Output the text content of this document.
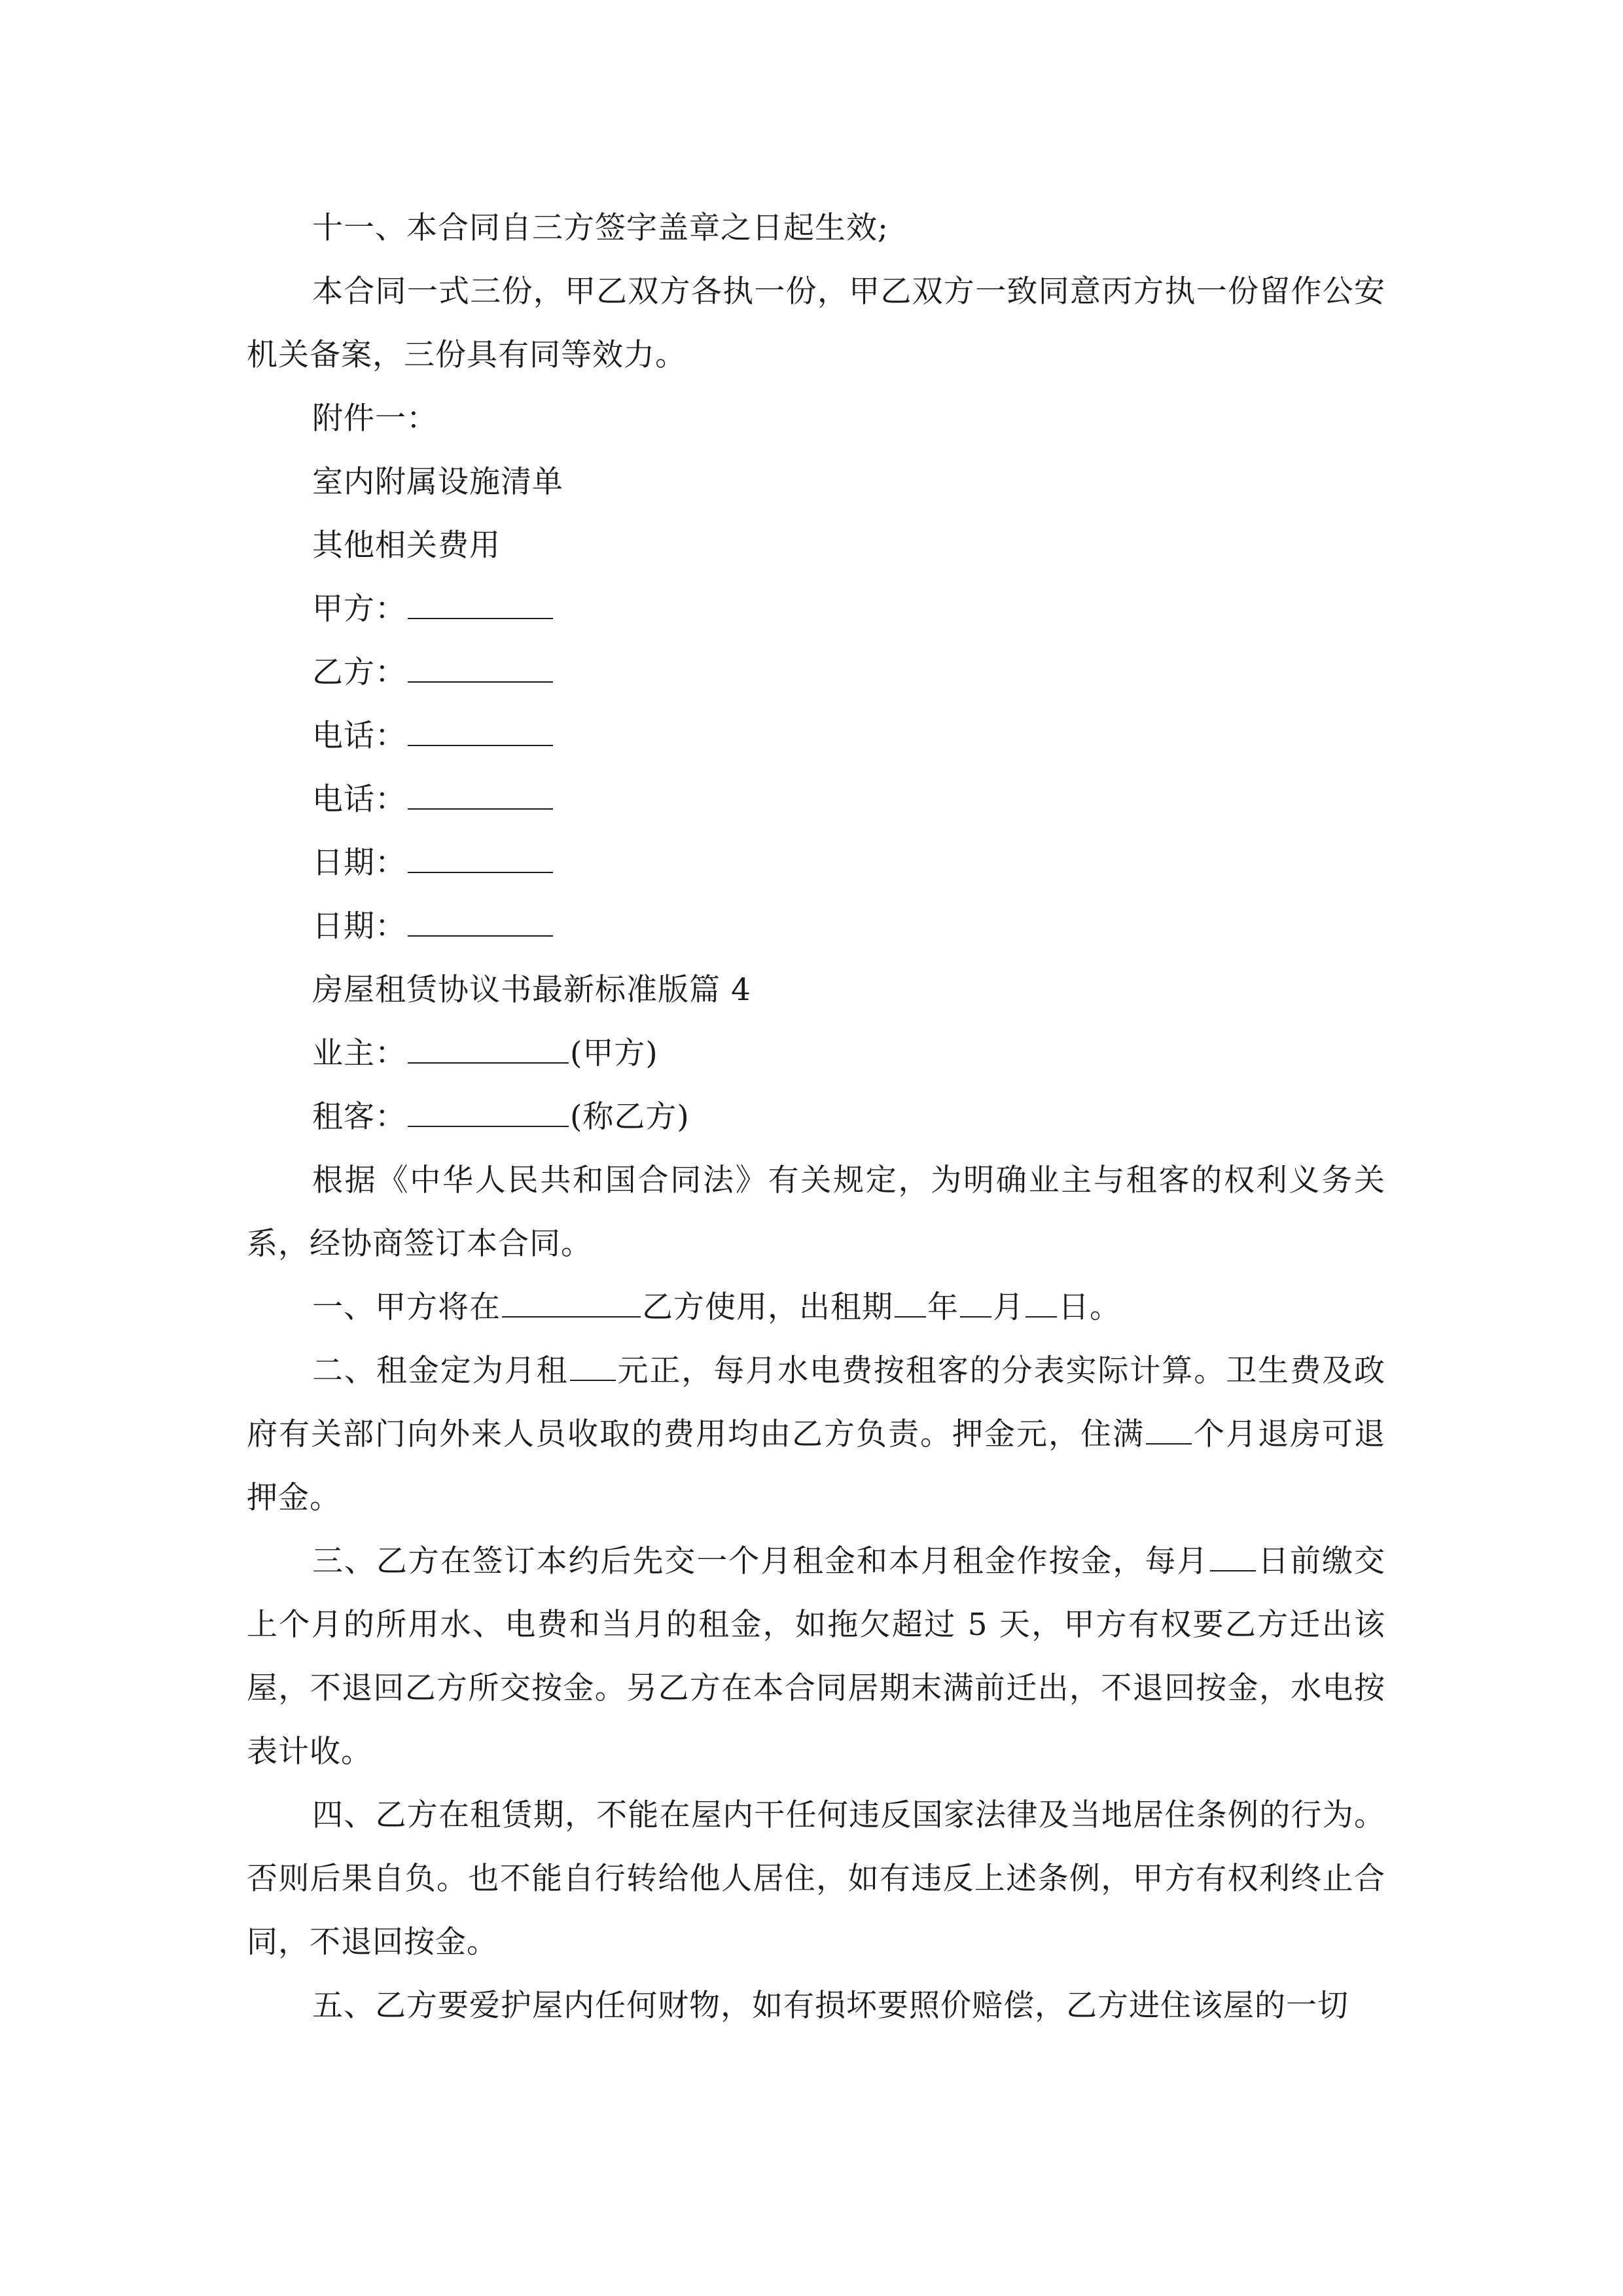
十一、本合同自三方签字盖章之日起生效;

本合同一式三份，甲乙双方各执一份，甲乙双方一致同意丙方执一份留作公安机关备案，三份具有同等效力。

附件一：

室内附属设施清单

其他相关费用

甲方：

乙方：

电话：

电话：

日期：

日期：

房屋租赁协议书最新标准版篇 4

业主：	(甲方)

租客：	(称乙方)

根据《中华人民共和国合同法》有关规定，为明确业主与租客的权利义务关系，经协商签订本合同。

一、甲方将在	乙方使用，出租期 年 月 日。

二、租金定为月租 元正，每月水电费按租客的分表实际计算。卫生费及政府有关部门向外来人员收取的费用均由乙方负责。押金元，住满 个月退房可退押金。

三、乙方在签订本约后先交一个月租金和本月租金作按金，每月 日前缴交上个月的所用水、电费和当月的租金，如拖欠超过 5 天，甲方有权要乙方迁出该屋，不退回乙方所交按金。另乙方在本合同居期末满前迁出，不退回按金，水电按表计收。

四、乙方在租赁期，不能在屋内干任何违反国家法律及当地居住条例的行为。否则后果自负。也不能自行转给他人居住，如有违反上述条例，甲方有权利终止合同，不退回按金。

五、乙方要爱护屋内任何财物，如有损坏要照价赔偿，乙方进住该屋的一切
